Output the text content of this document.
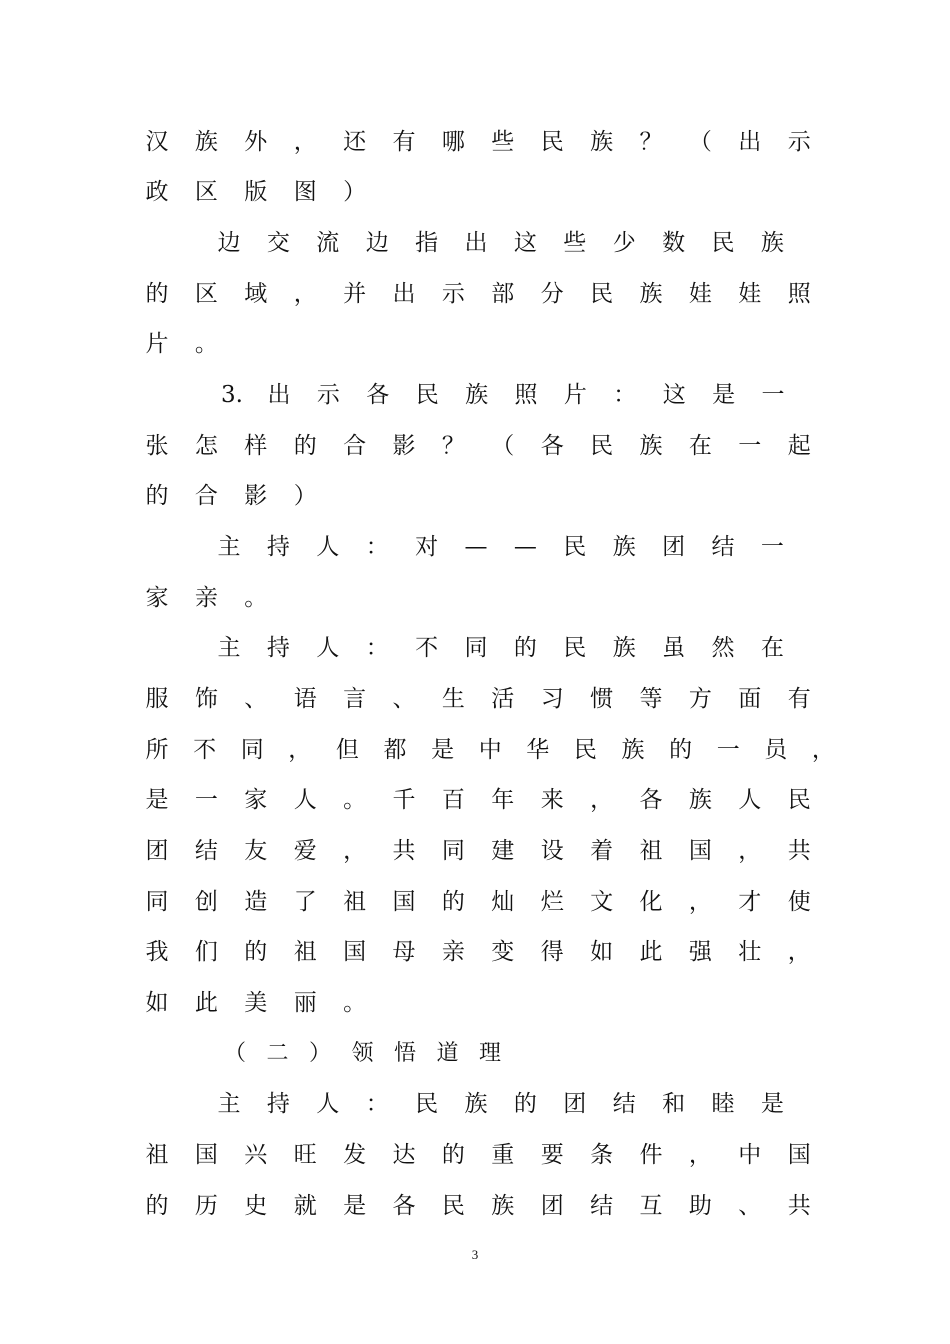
汉 族 外 ， 还 有 哪 些 民 族 ？ （ 出 示
政 区 版 图 ）
边 交 流 边 指 出 这 些 少 数 民 族
的 区 域 ， 并 出 示 部 分 民 族 娃 娃 照
片 。
3.	出 示 各 民 族 照 片 ： 这 是 一
张 怎 样 的 合 影 ？ （ 各 民 族 在 一 起
的 合 影 ）
主 持 人 ： 对 — — 民 族 团 结 一
家 亲 。
主 持 人 ： 不 同 的 民 族 虽 然 在
服 饰 、 语 言 、 生 活 习 惯 等 方 面 有
所 不 同 ， 但 都 是 中 华 民 族 的 一 员 ，
是 一 家 人 。 千 百 年 来 ， 各 族 人 民
团 结 友 爱 ， 共 同 建 设 着 祖 国 ， 共
同 创 造 了 祖 国 的 灿 烂 文 化 ， 才 使
我 们 的 祖 国 母 亲 变 得 如 此 强 壮 ，
如 此 美 丽 。
（ 二 ） 领 悟 道 理
主 持 人 ： 民 族 的 团 结 和 睦 是
祖 国 兴 旺 发 达 的 重 要 条 件 ， 中 国
的 历 史 就 是 各 民 族 团 结 互 助 、 共
3
